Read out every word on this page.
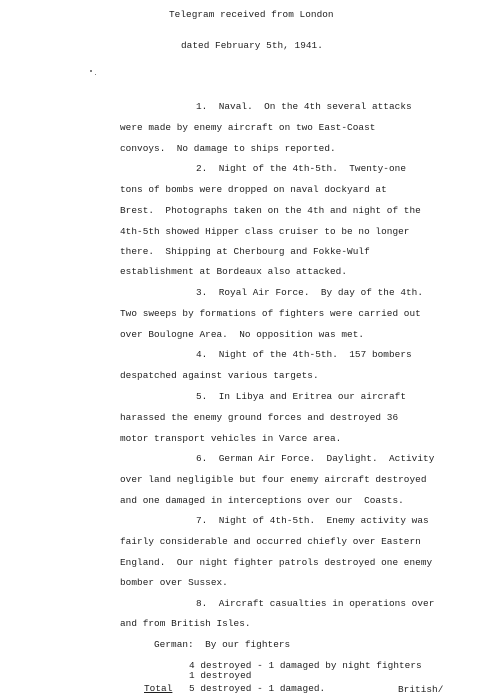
Telegram received from London
dated February 5th, 1941.
1.  Naval.  On the 4th several attacks
were made by enemy aircraft on two East-Coast
convoys.  No damage to ships reported.
2.  Night of the 4th-5th.  Twenty-one
tons of bombs were dropped on naval dockyard at
Brest.  Photographs taken on the 4th and night of the
4th-5th showed Hipper class cruiser to be no longer
there.  Shipping at Cherbourg and Fokke-Wulf
establishment at Bordeaux also attacked.
3.  Royal Air Force.  By day of the 4th.
Two sweeps by formations of fighters were carried out
over Boulogne Area.  No opposition was met.
4.  Night of the 4th-5th.  157 bombers
despatched against various targets.
5.  In Libya and Eritrea our aircraft
harassed the enemy ground forces and destroyed 36
motor transport vehicles in Varce area.
6.  German Air Force.  Daylight.  Activity
over land negligible but four enemy aircraft destroyed
and one damaged in interceptions over our  Coasts.
7.  Night of 4th-5th.  Enemy activity was
fairly considerable and occurred chiefly over Eastern
England.  Our night fighter patrols destroyed one enemy
bomber over Sussex.
8.  Aircraft casualties in operations over
and from British Isles.
German:  By our fighters
4 destroyed - 1 damaged by night fighters
1 destroyed
Total 5 destroyed - 1 damaged.	British/
